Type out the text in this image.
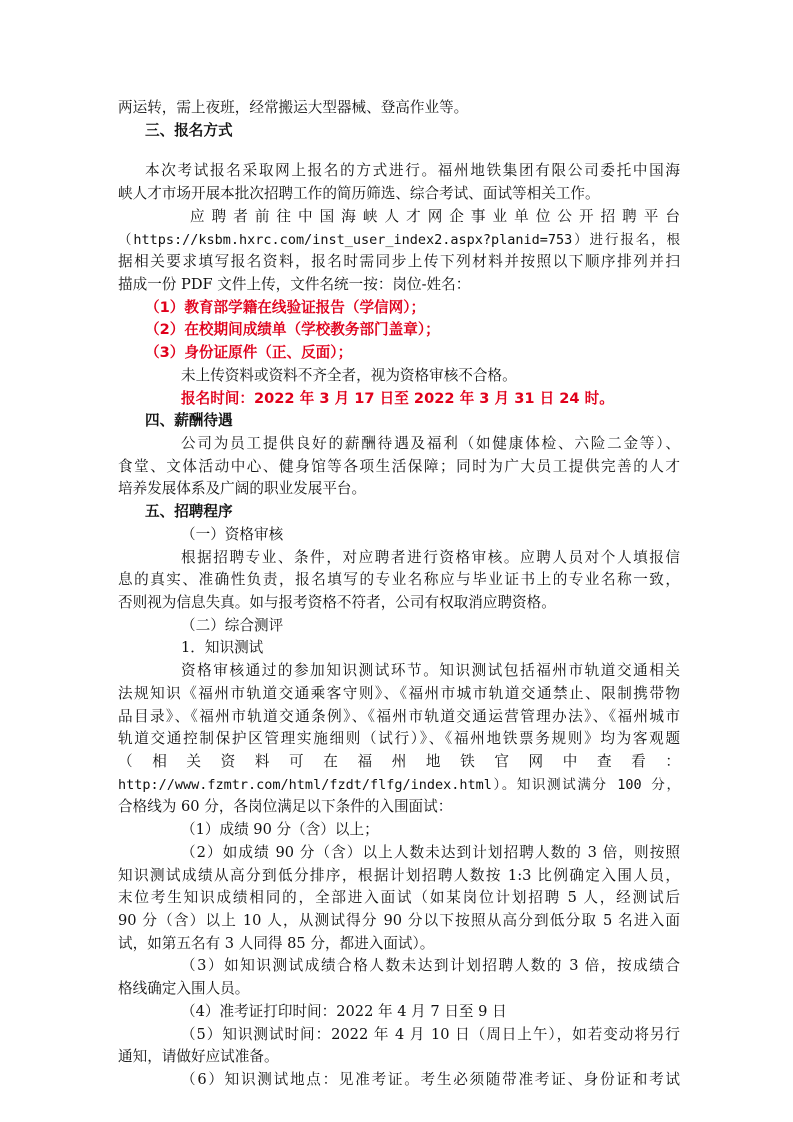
两运转，需上夜班，经常搬运大型器械、登高作业等。
三、报名方式
本次考试报名采取网上报名的方式进行。福州地铁集团有限公司委托中国海
峡人才市场开展本批次招聘工作的简历筛选、综合考试、面试等相关工作。
应聘者前往中国海峡人才网企事业单位公开招聘平台
（https://ksbm.hxrc.com/inst_user_index2.aspx?planid=753）进行报名，根
据相关要求填写报名资料，报名时需同步上传下列材料并按照以下顺序排列并扫
描成一份 PDF 文件上传，文件名统一按：岗位-姓名：
（1）教育部学籍在线验证报告（学信网）；
（2）在校期间成绩单（学校教务部门盖章）；
（3）身份证原件（正、反面）；
未上传资料或资料不齐全者，视为资格审核不合格。
报名时间：2022 年 3 月 17 日至 2022 年 3 月 31 日 24 时。
四、薪酬待遇
公司为员工提供良好的薪酬待遇及福利（如健康体检、六险二金等）、
食堂、文体活动中心、健身馆等各项生活保障；同时为广大员工提供完善的人才
培养发展体系及广阔的职业发展平台。
五、招聘程序
（一）资格审核
根据招聘专业、条件，对应聘者进行资格审核。应聘人员对个人填报信
息的真实、准确性负责，报名填写的专业名称应与毕业证书上的专业名称一致，
否则视为信息失真。如与报考资格不符者，公司有权取消应聘资格。
（二）综合测评
1．知识测试
资格审核通过的参加知识测试环节。知识测试包括福州市轨道交通相关
法规知识《福州市轨道交通乘客守则》、《福州市城市轨道交通禁止、限制携带物
品目录》、《福州市轨道交通条例》、《福州市轨道交通运营管理办法》、《福州城市
轨道交通控制保护区管理实施细则（试行）》、《福州地铁票务规则》均为客观题
（相关资料可在福州地铁官网中查看：
http://www.fzmtr.com/html/fzdt/flfg/index.html）。知识测试满分 100 分，
合格线为 60 分，各岗位满足以下条件的入围面试：
（1）成绩 90 分（含）以上；
（2）如成绩 90 分（含）以上人数未达到计划招聘人数的 3 倍，则按照
知识测试成绩从高分到低分排序，根据计划招聘人数按 1:3 比例确定入围人员，
末位考生知识成绩相同的，全部进入面试（如某岗位计划招聘 5 人，经测试后
90 分（含）以上 10 人，从测试得分 90 分以下按照从高分到低分取 5 名进入面
试，如第五名有 3 人同得 85 分，都进入面试）。
（3）如知识测试成绩合格人数未达到计划招聘人数的 3 倍，按成绩合
格线确定入围人员。
（4）准考证打印时间：2022 年 4 月 7 日至 9 日
（5）知识测试时间：2022 年 4 月 10 日（周日上午），如若变动将另行
通知，请做好应试准备。
（6）知识测试地点：见准考证。考生必须随带准考证、身份证和考试
